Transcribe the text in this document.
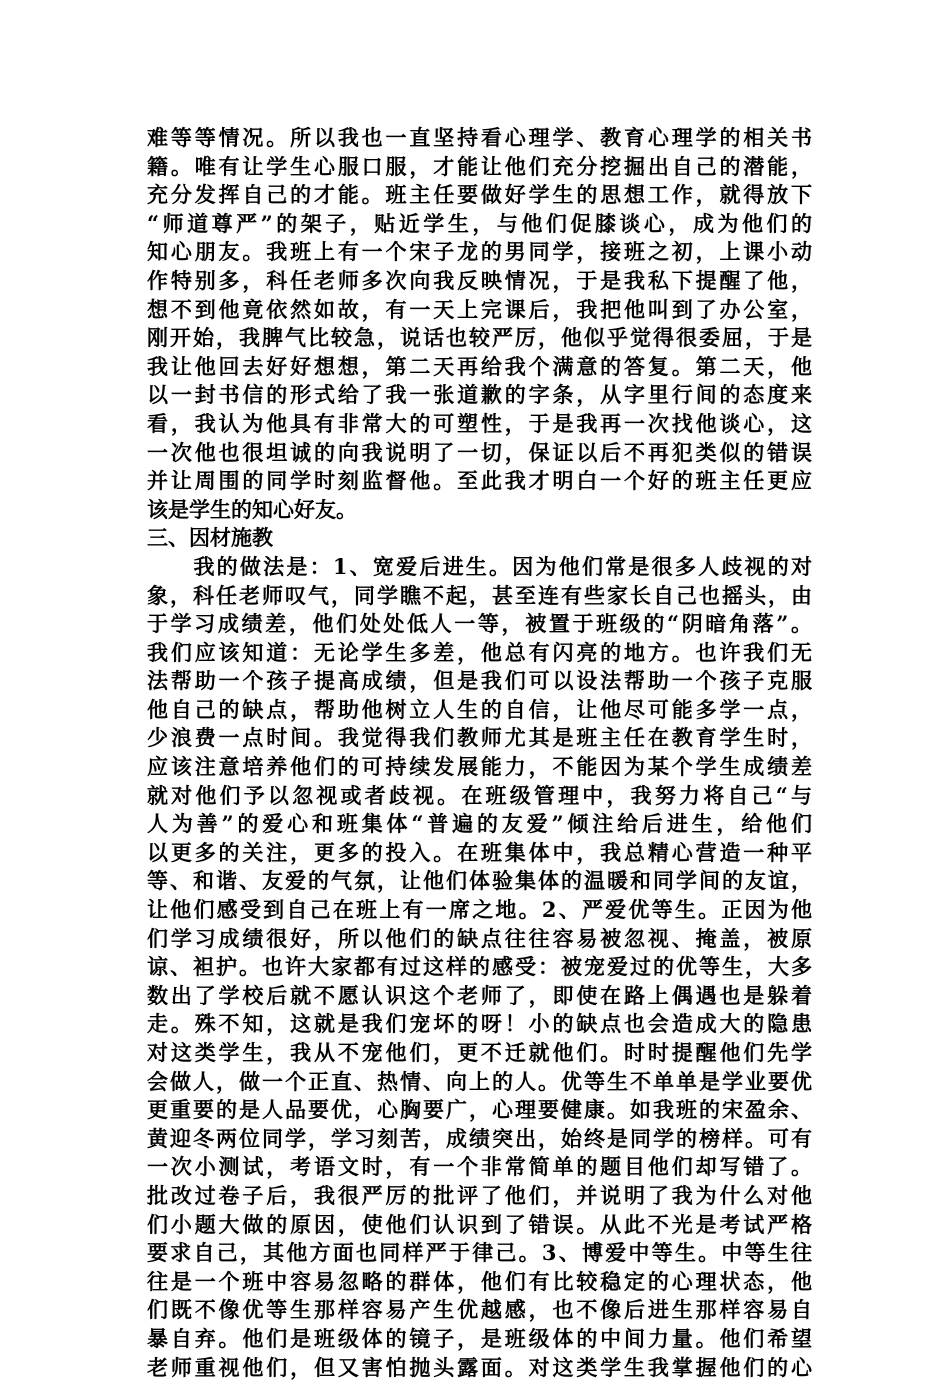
难等等情况。所以我也一直坚持看心理学、教育心理学的相关书
籍。唯有让学生心服口服，才能让他们充分挖掘出自己的潜能，
充分发挥自己的才能。班主任要做好学生的思想工作，就得放下
“师道尊严”的架子，贴近学生，与他们促膝谈心，成为他们的
知心朋友。我班上有一个宋子龙的男同学，接班之初，上课小动
作特别多，科任老师多次向我反映情况，于是我私下提醒了他，
想不到他竟依然如故，有一天上完课后，我把他叫到了办公室，
刚开始，我脾气比较急，说话也较严厉，他似乎觉得很委屈，于是
我让他回去好好想想，第二天再给我个满意的答复。第二天，他
以一封书信的形式给了我一张道歉的字条，从字里行间的态度来
看，我认为他具有非常大的可塑性，于是我再一次找他谈心，这
一次他也很坦诚的向我说明了一切，保证以后不再犯类似的错误
并让周围的同学时刻监督他。至此我才明白一个好的班主任更应
该是学生的知心好友。
三、因材施教
　　我的做法是：1、宽爱后进生。因为他们常是很多人歧视的对
象，科任老师叹气，同学瞧不起，甚至连有些家长自己也摇头，由
于学习成绩差，他们处处低人一等，被置于班级的“阴暗角落”。
我们应该知道：无论学生多差，他总有闪亮的地方。也许我们无
法帮助一个孩子提高成绩，但是我们可以设法帮助一个孩子克服
他自己的缺点，帮助他树立人生的自信，让他尽可能多学一点，
少浪费一点时间。我觉得我们教师尤其是班主任在教育学生时，
应该注意培养他们的可持续发展能力，不能因为某个学生成绩差
就对他们予以忽视或者歧视。在班级管理中，我努力将自己“与
人为善”的爱心和班集体“普遍的友爱”倾注给后进生，给他们
以更多的关注，更多的投入。在班集体中，我总精心营造一种平
等、和谐、友爱的气氛，让他们体验集体的温暖和同学间的友谊，
让他们感受到自己在班上有一席之地。2、严爱优等生。正因为他
们学习成绩很好，所以他们的缺点往往容易被忽视、掩盖，被原
谅、袒护。也许大家都有过这样的感受：被宠爱过的优等生，大多
数出了学校后就不愿认识这个老师了，即使在路上偶遇也是躲着
走。殊不知，这就是我们宠坏的呀！小的缺点也会造成大的隐患
对这类学生，我从不宠他们，更不迁就他们。时时提醒他们先学
会做人，做一个正直、热情、向上的人。优等生不单单是学业要优
更重要的是人品要优，心胸要广，心理要健康。如我班的宋盈余、
黄迎冬两位同学，学习刻苦，成绩突出，始终是同学的榜样。可有
一次小测试，考语文时，有一个非常简单的题目他们却写错了。
批改过卷子后，我很严厉的批评了他们，并说明了我为什么对他
们小题大做的原因，使他们认识到了错误。从此不光是考试严格
要求自己，其他方面也同样严于律己。3、博爱中等生。中等生往
往是一个班中容易忽略的群体，他们有比较稳定的心理状态，他
们既不像优等生那样容易产生优越感，也不像后进生那样容易自
暴自弃。他们是班级体的镜子，是班级体的中间力量。他们希望
老师重视他们，但又害怕抛头露面。对这类学生我掌握他们的心
